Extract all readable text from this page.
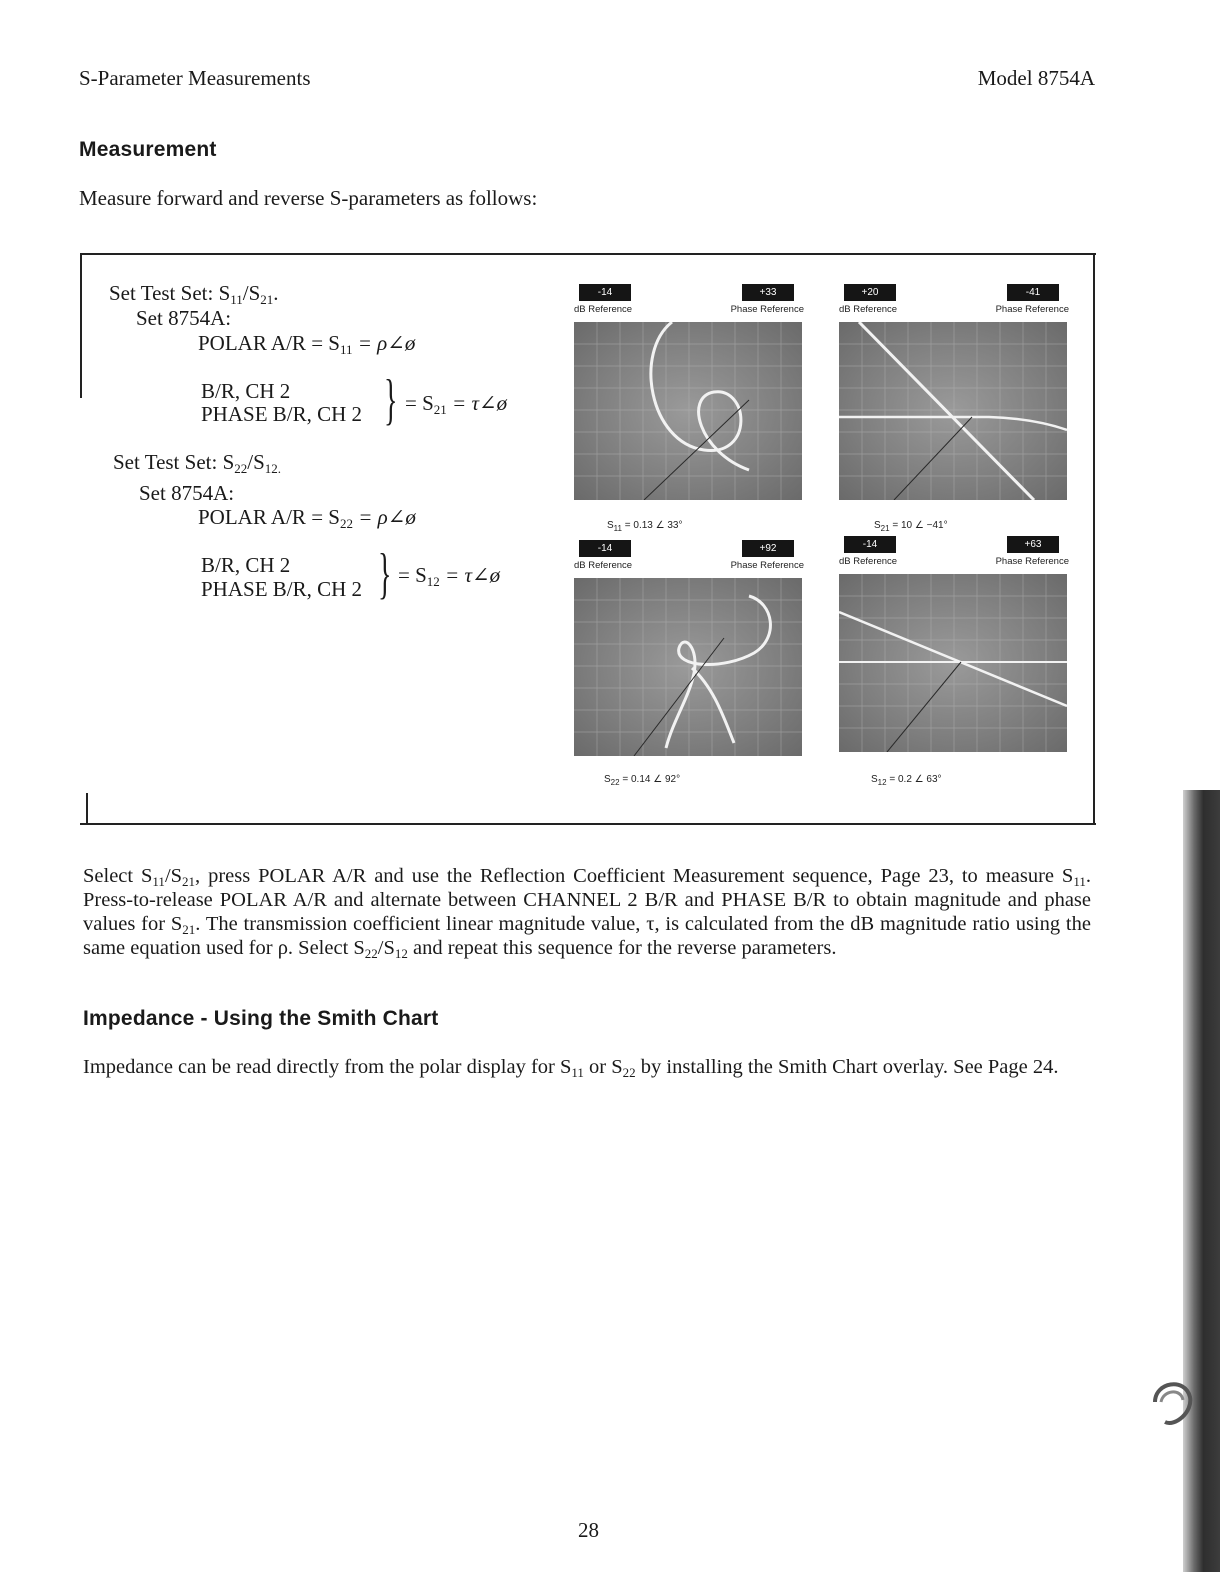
S-Parameter Measurements	Model 8754A
Measurement
Measure forward and reverse S-parameters as follows:
Set Test Set: $S_{11}/S_{21}$.
Set 8754A:
POLAR $A/R = S_{11}$ = ρ∠ø
B/R, CH 2
PHASE B/R, CH 2 } = $S_{21}$ = τ∠ø
Set Test Set: $S_{22}/S_{12.}$
Set 8754A:
POLAR $A/R = S_{22}$ = ρ∠ø
B/R, CH 2
PHASE B/R, CH 2 } = $S_{12}$ = τ∠ø
-14	+33
dB Reference	Phase Reference
$S_{11} = 0.13$ ∠ 33°
+20	-41
dB Reference	Phase Reference
$S_{21} = 10$ ∠ −41°
-14	+92
dB Reference	Phase Reference
$S_{22} = 0.14$ ∠ 92°
-14	+63
dB Reference	Phase Reference
$S_{12} = 0.2$ ∠ 63°
Select $S_{11}/S_{21}$, press POLAR A/R and use the Reflection Coefficient Measurement sequence, Page 23, to measure $S_{11}$. Press-to-release POLAR A/R and alternate between CHANNEL 2 B/R and PHASE B/R to obtain magnitude and phase values for $S_{21}$. The transmission coefficient linear magnitude value, τ, is calculated from the dB magnitude ratio using the same equation used for ρ. Select $S_{22}/S_{12}$ and repeat this sequence for the reverse parameters.
Impedance - Using the Smith Chart
Impedance can be read directly from the polar display for $S_{11}$ or $S_{22}$ by installing the Smith Chart overlay. See Page 24.
28
